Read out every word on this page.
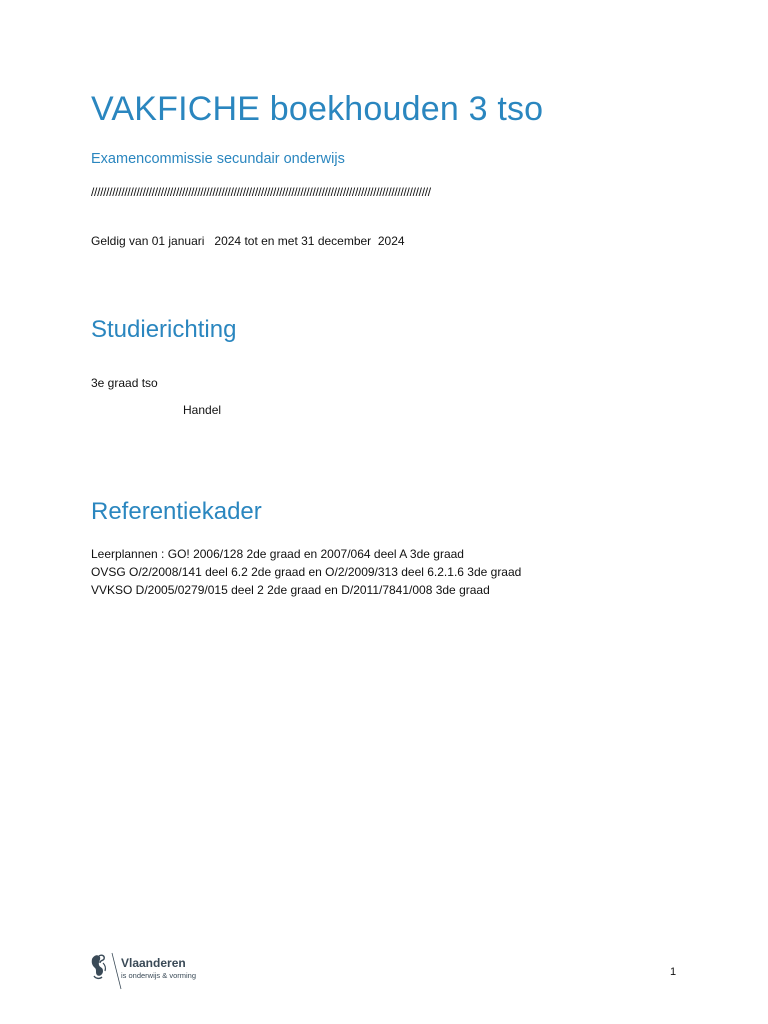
VAKFICHE boekhouden 3 tso
Examencommissie secundair onderwijs
////////////////////////////////////////////////////////////////////////////////////////////////////////////////
Geldig van 01 januari   2024 tot en met 31 december  2024
Studierichting
3e graad tso
Handel
Referentiekader
Leerplannen : GO! 2006/128 2de graad en 2007/064 deel A 3de graad
OVSG O/2/2008/141 deel 6.2 2de graad en O/2/2009/313 deel 6.2.1.6 3de graad
VVKSO D/2005/0279/015 deel 2 2de graad en D/2011/7841/008 3de graad
Vlaanderen
is onderwijs & vorming	1
